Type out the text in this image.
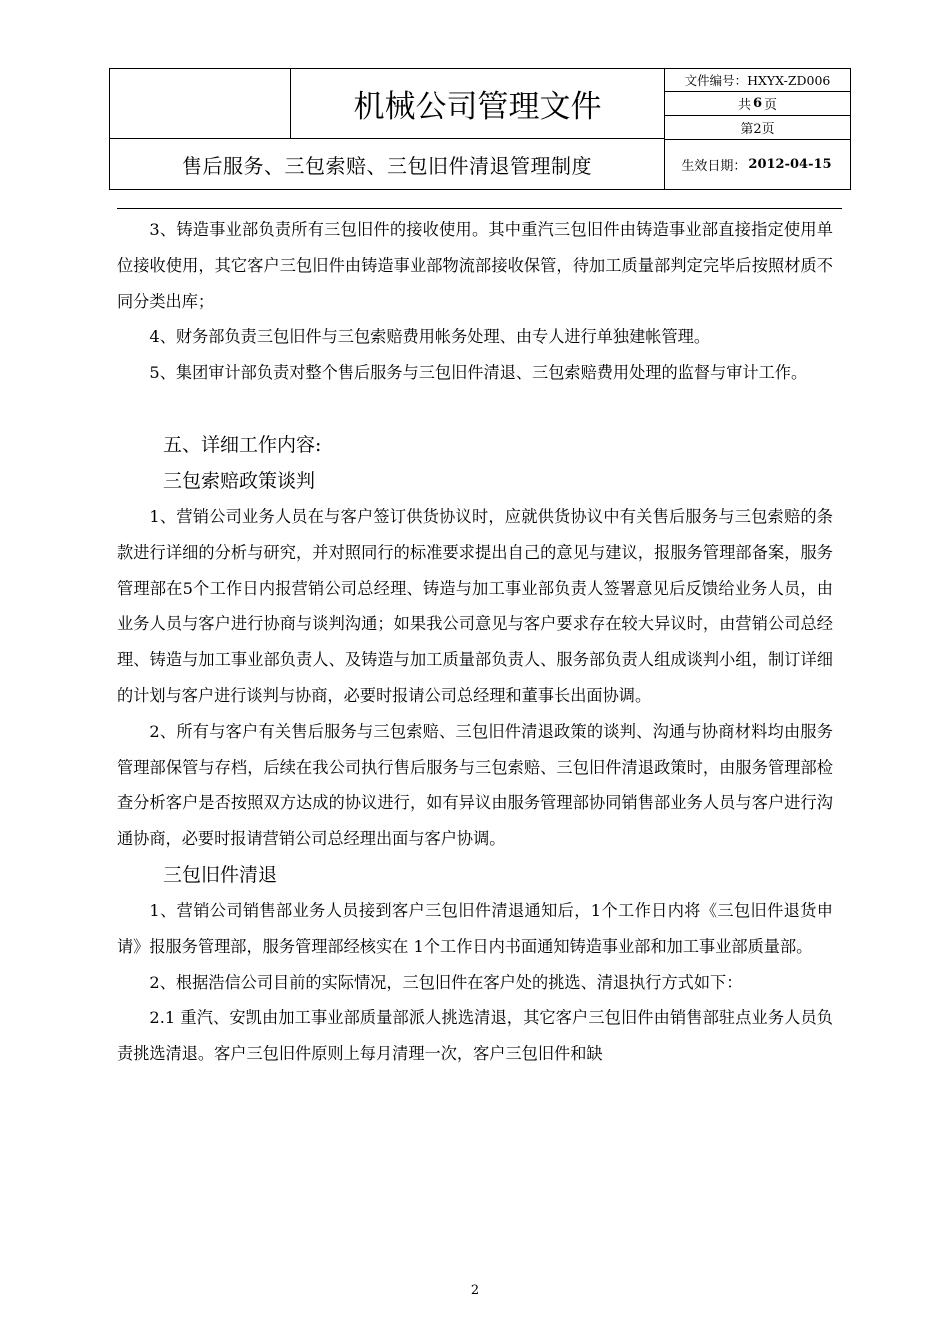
机械公司管理文件
文件编号：HXYX-ZD006
共 6 页
第2页
售后服务、三包索赔、三包旧件清退管理制度	生效日期： 2012-04-15

3、铸造事业部负责所有三包旧件的接收使用。其中重汽三包旧件由铸造事业部直接指定使用单位接收使用，其它客户三包旧件由铸造事业部物流部接收保管，待加工质量部判定完毕后按照材质不同分类出库；

4、财务部负责三包旧件与三包索赔费用帐务处理、由专人进行单独建帐管理。

5、集团审计部负责对整个售后服务与三包旧件清退、三包索赔费用处理的监督与审计工作。

五、详细工作内容:
三包索赔政策谈判

1、营销公司业务人员在与客户签订供货协议时，应就供货协议中有关售后服务与三包索赔的条款进行详细的分析与研究，并对照同行的标准要求提出自己的意见与建议，报服务管理部备案，服务管理部在5个工作日内报营销公司总经理、铸造与加工事业部负责人签署意见后反馈给业务人员，由业务人员与客户进行协商与谈判沟通；如果我公司意见与客户要求存在较大异议时，由营销公司总经理、铸造与加工事业部负责人、及铸造与加工质量部负责人、服务部负责人组成谈判小组，制订详细的计划与客户进行谈判与协商，必要时报请公司总经理和董事长出面协调。

2、所有与客户有关售后服务与三包索赔、三包旧件清退政策的谈判、沟通与协商材料均由服务管理部保管与存档，后续在我公司执行售后服务与三包索赔、三包旧件清退政策时，由服务管理部检查分析客户是否按照双方达成的协议进行，如有异议由服务管理部协同销售部业务人员与客户进行沟通协商，必要时报请营销公司总经理出面与客户协调。

三包旧件清退

1、营销公司销售部业务人员接到客户三包旧件清退通知后，1个工作日内将《三包旧件退货申请》报服务管理部，服务管理部经核实在 1个工作日内书面通知铸造事业部和加工事业部质量部。

2、根据浩信公司目前的实际情况，三包旧件在客户处的挑选、清退执行方式如下：

2.1 重汽、安凯由加工事业部质量部派人挑选清退，其它客户三包旧件由销售部驻点业务人员负责挑选清退。客户三包旧件原则上每月清理一次，客户三包旧件和缺

2
